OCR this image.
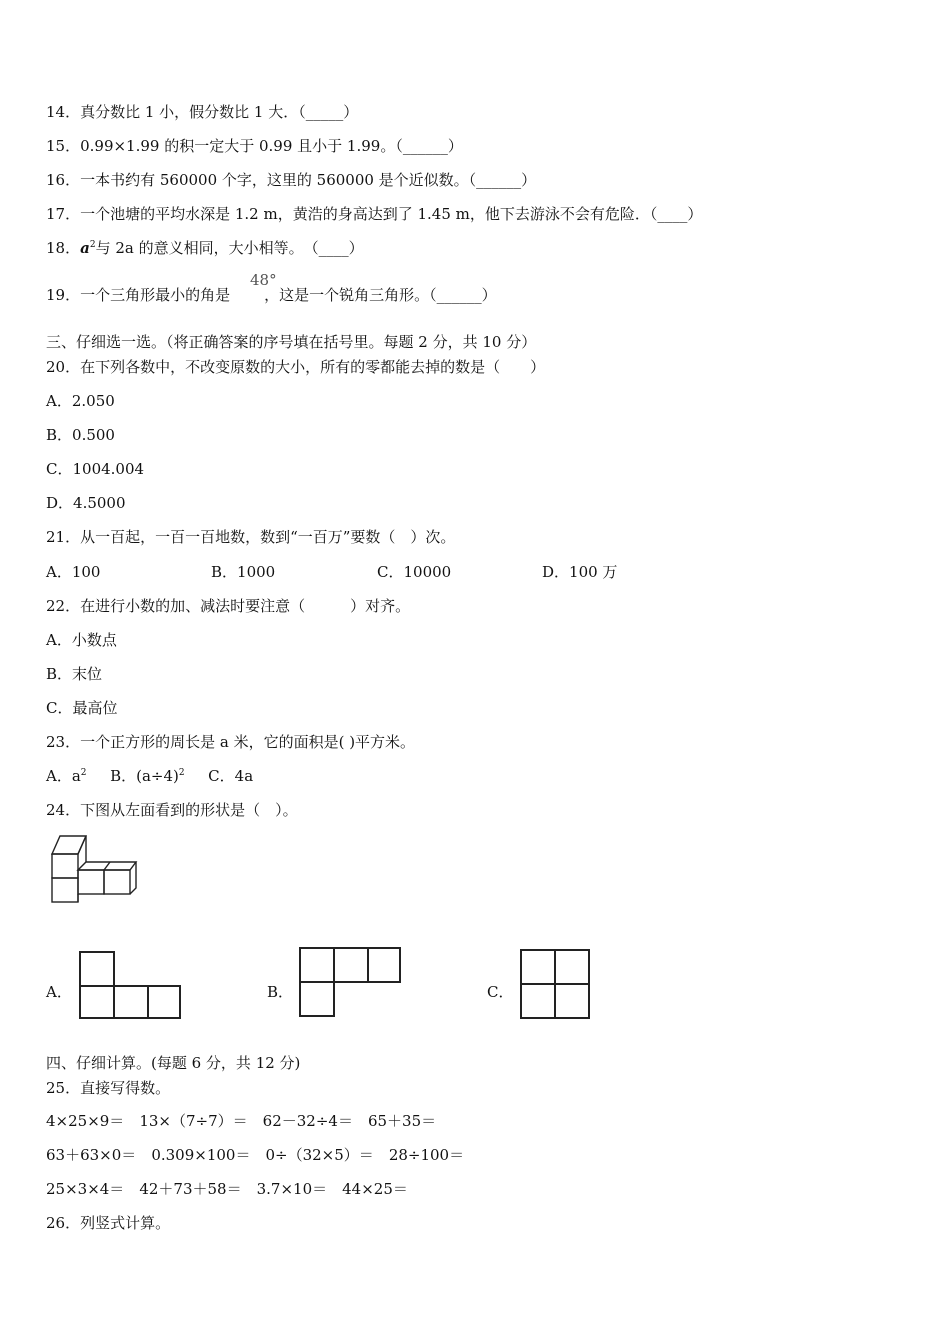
14．真分数比 1 小，假分数比 1 大．（_____）
15．0.99×1.99 的积一定大于 0.99 且小于 1.99。（______）
16．一本书约有 560000 个字，这里的 560000 是个近似数。（______）
17．一个池塘的平均水深是 1.2 m，黄浩的身高达到了 1.45 m，他下去游泳不会有危险．（____）
18．$a^2$与 2a 的意义相同，大小相等。　（____）
19．一个三角形最小的角是 ，这是一个锐角三角形。（______）
48°
三、仔细选一选。（将正确答案的序号填在括号里。每题 2 分，共 10 分）
20．在下列各数中，不改变原数的大小，所有的零都能去掉的数是（　　）
A．2.050
B．0.500
C．1004.004
D．4.5000
21．从一百起，一百一百地数，数到“一百万”要数（　）次。
A．100	B．1000	C．10000	D．100 万
22．在进行小数的加、减法时要注意（　　　）对齐。
A．小数点
B．末位
C．最高位
23．一个正方形的周长是 a 米，它的面积是( )平方米。
A．$a^2$ B．$(a\div 4)^2$ C．4a
24．下图从左面看到的形状是（　）。
A．	B．	C．
四、仔细计算。(每题 6 分，共 12 分)
25．直接写得数。
4×25×9＝　 13×（7÷7）＝　 62－32÷4＝　 65＋35＝
63＋63×0＝　 0.309×100＝　 0÷（32×5）＝　 28÷100＝
25×3×4＝　 42＋73＋58＝　 3.7×10＝　 44×25＝
26．列竖式计算。
